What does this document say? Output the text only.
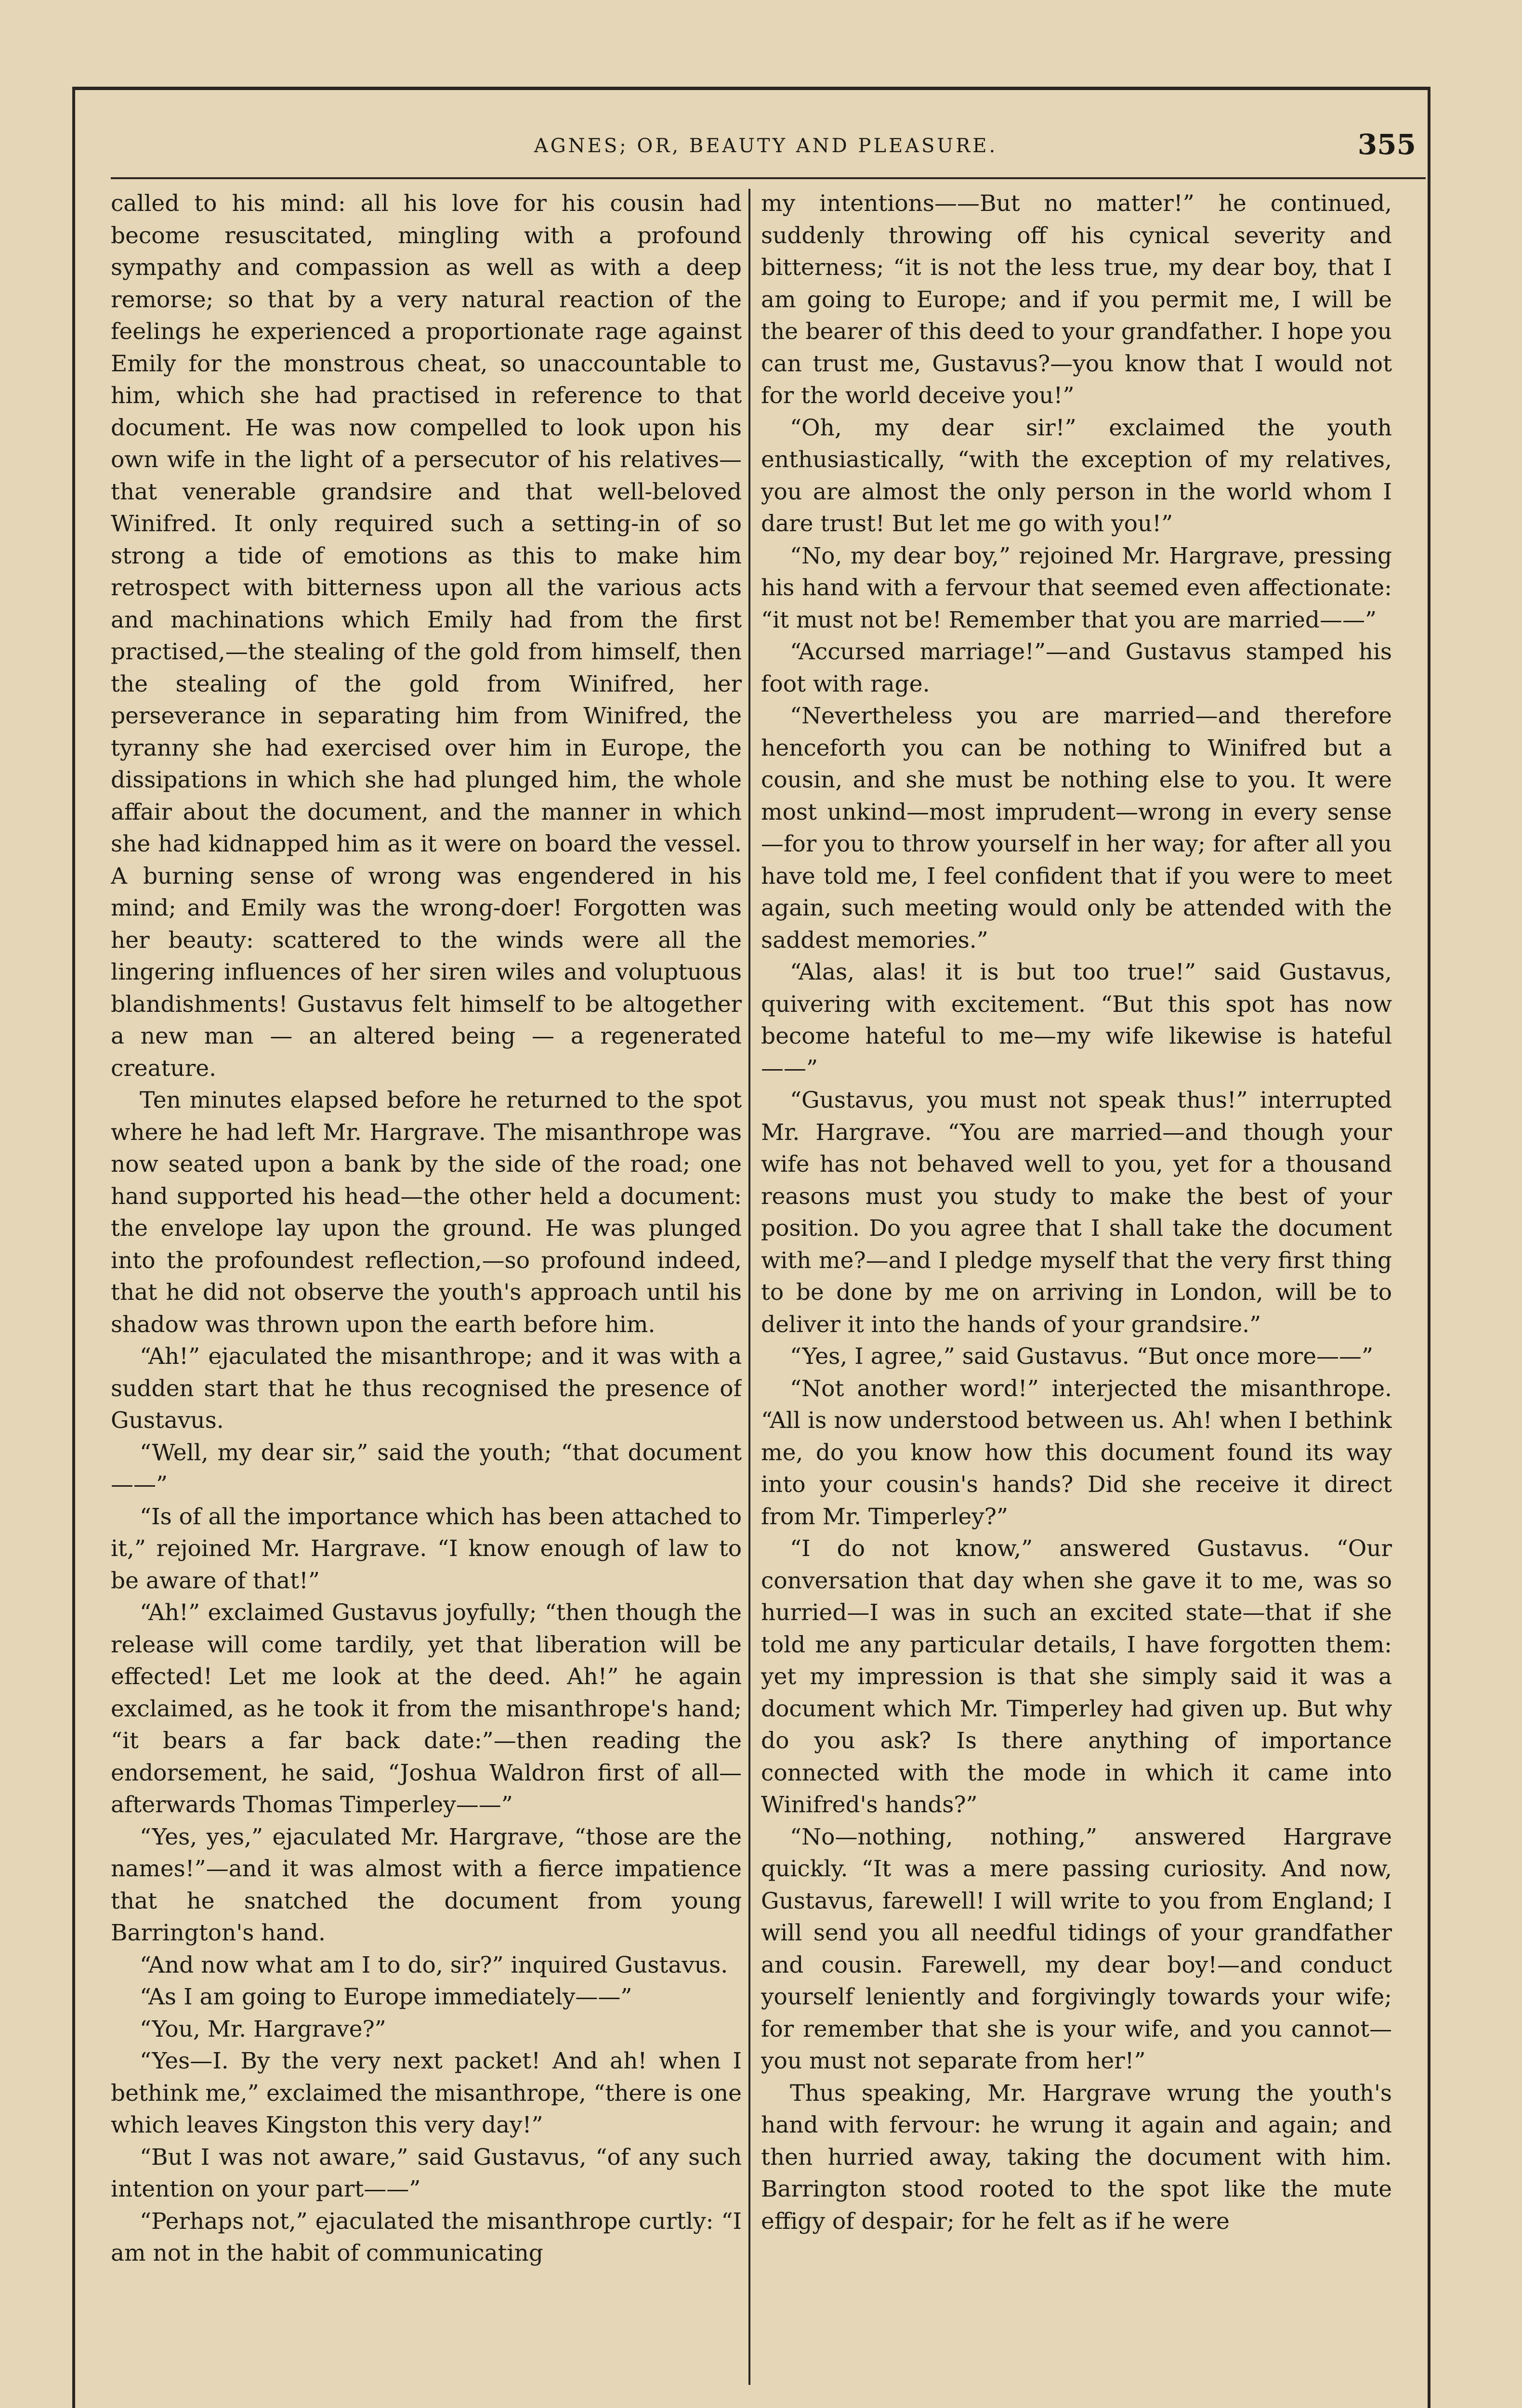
AGNES; OR, BEAUTY AND PLEASURE.	355

called to his mind: all his love for his cousin had become resuscitated, mingling with a profound sympathy and compassion as well as with a deep remorse; so that by a very natural reaction of the feelings he experienced a proportionate rage against Emily for the monstrous cheat, so unaccountable to him, which she had practised in reference to that document. He was now compelled to look upon his own wife in the light of a persecutor of his relatives—that venerable grandsire and that well-beloved Winifred. It only required such a setting-in of so strong a tide of emotions as this to make him retrospect with bitterness upon all the various acts and machinations which Emily had from the first practised,—the stealing of the gold from himself, then the stealing of the gold from Winifred, her perseverance in separating him from Winifred, the tyranny she had exercised over him in Europe, the dissipations in which she had plunged him, the whole affair about the document, and the manner in which she had kidnapped him as it were on board the vessel. A burning sense of wrong was engendered in his mind; and Emily was the wrong-doer! Forgotten was her beauty: scattered to the winds were all the lingering influences of her siren wiles and voluptuous blandishments! Gustavus felt himself to be altogether a new man — an altered being — a regenerated creature.

Ten minutes elapsed before he returned to the spot where he had left Mr. Hargrave. The misanthrope was now seated upon a bank by the side of the road; one hand supported his head—the other held a document: the envelope lay upon the ground. He was plunged into the profoundest reflection,—so profound indeed, that he did not observe the youth's approach until his shadow was thrown upon the earth before him.

“Ah!” ejaculated the misanthrope; and it was with a sudden start that he thus recognised the presence of Gustavus.

“Well, my dear sir,” said the youth; “that document——”

“Is of all the importance which has been attached to it,” rejoined Mr. Hargrave. “I know enough of law to be aware of that!”

“Ah!” exclaimed Gustavus joyfully; “then though the release will come tardily, yet that liberation will be effected! Let me look at the deed. Ah!” he again exclaimed, as he took it from the misanthrope's hand; “it bears a far back date:”—then reading the endorsement, he said, “Joshua Waldron first of all—afterwards Thomas Timperley——”

“Yes, yes,” ejaculated Mr. Hargrave, “those are the names!”—and it was almost with a fierce impatience that he snatched the document from young Barrington's hand.

“And now what am I to do, sir?” inquired Gustavus.

“As I am going to Europe immediately——”

“You, Mr. Hargrave?”

“Yes—I. By the very next packet! And ah! when I bethink me,” exclaimed the misanthrope, “there is one which leaves Kingston this very day!”

“But I was not aware,” said Gustavus, “of any such intention on your part——”

“Perhaps not,” ejaculated the misanthrope curtly: “I am not in the habit of communicating

my intentions——But no matter!” he continued, suddenly throwing off his cynical severity and bitterness; “it is not the less true, my dear boy, that I am going to Europe; and if you permit me, I will be the bearer of this deed to your grandfather. I hope you can trust me, Gustavus?—you know that I would not for the world deceive you!”

“Oh, my dear sir!” exclaimed the youth enthusiastically, “with the exception of my relatives, you are almost the only person in the world whom I dare trust! But let me go with you!”

“No, my dear boy,” rejoined Mr. Hargrave, pressing his hand with a fervour that seemed even affectionate: “it must not be! Remember that you are married——”

“Accursed marriage!”—and Gustavus stamped his foot with rage.

“Nevertheless you are married—and therefore henceforth you can be nothing to Winifred but a cousin, and she must be nothing else to you. It were most unkind—most imprudent—wrong in every sense—for you to throw yourself in her way; for after all you have told me, I feel confident that if you were to meet again, such meeting would only be attended with the saddest memories.”

“Alas, alas! it is but too true!” said Gustavus, quivering with excitement. “But this spot has now become hateful to me—my wife likewise is hateful——”

“Gustavus, you must not speak thus!” interrupted Mr. Hargrave. “You are married—and though your wife has not behaved well to you, yet for a thousand reasons must you study to make the best of your position. Do you agree that I shall take the document with me?—and I pledge myself that the very first thing to be done by me on arriving in London, will be to deliver it into the hands of your grandsire.”

“Yes, I agree,” said Gustavus. “But once more——”

“Not another word!” interjected the misanthrope. “All is now understood between us. Ah! when I bethink me, do you know how this document found its way into your cousin's hands? Did she receive it direct from Mr. Timperley?”

“I do not know,” answered Gustavus. “Our conversation that day when she gave it to me, was so hurried—I was in such an excited state—that if she told me any particular details, I have forgotten them: yet my impression is that she simply said it was a document which Mr. Timperley had given up. But why do you ask? Is there anything of importance connected with the mode in which it came into Winifred's hands?”

“No—nothing, nothing,” answered Hargrave quickly. “It was a mere passing curiosity. And now, Gustavus, farewell! I will write to you from England; I will send you all needful tidings of your grandfather and cousin. Farewell, my dear boy!—and conduct yourself leniently and forgivingly towards your wife; for remember that she is your wife, and you cannot—you must not separate from her!”

Thus speaking, Mr. Hargrave wrung the youth's hand with fervour: he wrung it again and again; and then hurried away, taking the document with him. Barrington stood rooted to the spot like the mute effigy of despair; for he felt as if he were
